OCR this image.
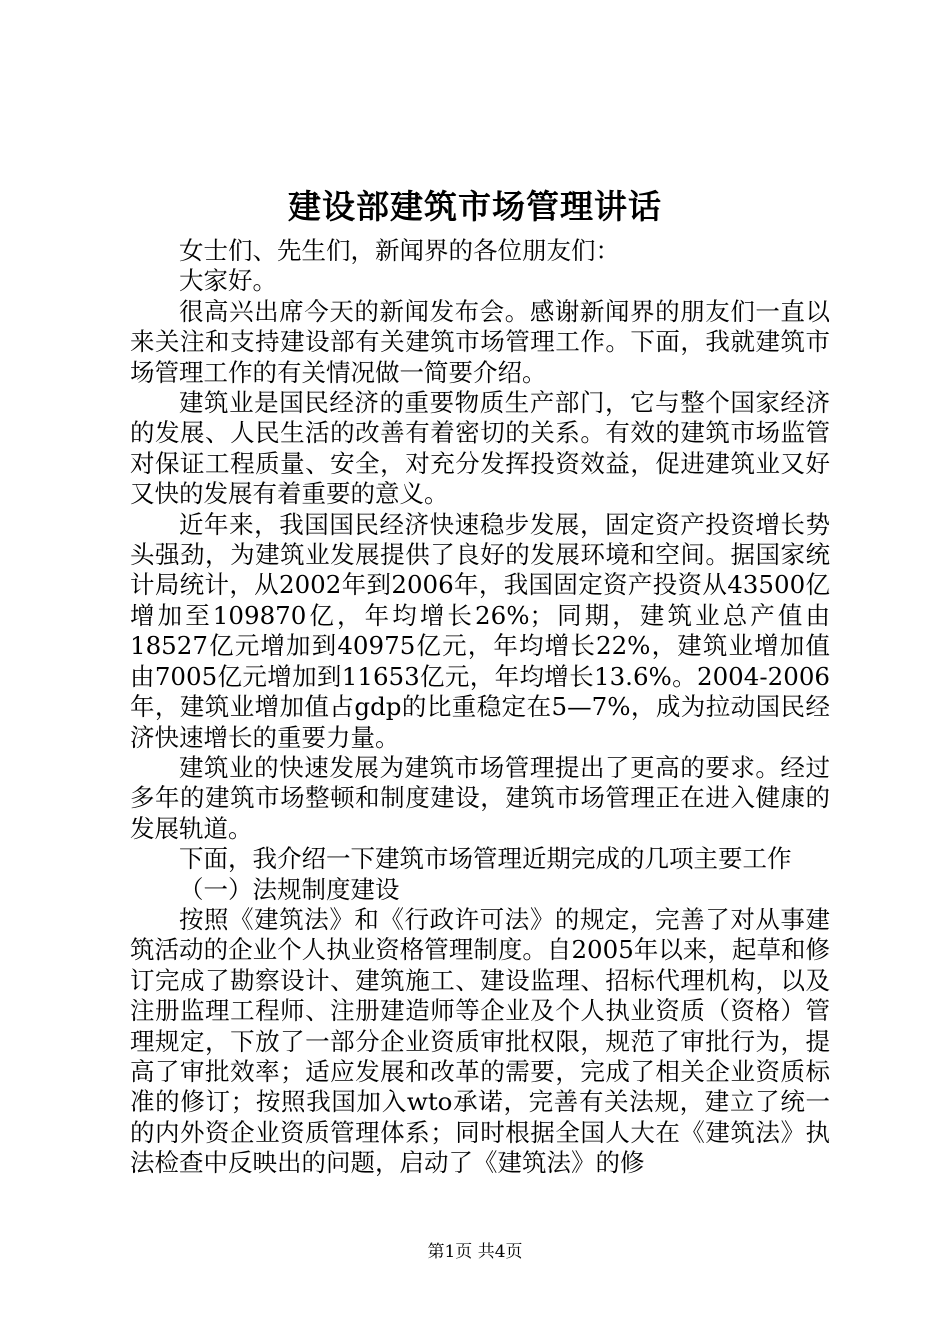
建设部建筑市场管理讲话

女士们、先生们，新闻界的各位朋友们：

大家好。

很高兴出席今天的新闻发布会。感谢新闻界的朋友们一直以来关注和支持建设部有关建筑市场管理工作。下面，我就建筑市场管理工作的有关情况做一简要介绍。

建筑业是国民经济的重要物质生产部门，它与整个国家经济的发展、人民生活的改善有着密切的关系。有效的建筑市场监管对保证工程质量、安全，对充分发挥投资效益，促进建筑业又好又快的发展有着重要的意义。

近年来，我国国民经济快速稳步发展，固定资产投资增长势头强劲，为建筑业发展提供了良好的发展环境和空间。据国家统计局统计，从2002年到2006年，我国固定资产投资从43500亿增加至109870亿，年均增长26%；同期，建筑业总产值由18527亿元增加到40975亿元，年均增长22%，建筑业增加值由7005亿元增加到11653亿元，年均增长13.6%。2004-2006年，建筑业增加值占gdp的比重稳定在5—7%，成为拉动国民经济快速增长的重要力量。

建筑业的快速发展为建筑市场管理提出了更高的要求。经过多年的建筑市场整顿和制度建设，建筑市场管理正在进入健康的发展轨道。

下面，我介绍一下建筑市场管理近期完成的几项主要工作

（一）法规制度建设

按照《建筑法》和《行政许可法》的规定，完善了对从事建筑活动的企业个人执业资格管理制度。自2005年以来，起草和修订完成了勘察设计、建筑施工、建设监理、招标代理机构，以及注册监理工程师、注册建造师等企业及个人执业资质（资格）管理规定，下放了一部分企业资质审批权限，规范了审批行为，提高了审批效率；适应发展和改革的需要，完成了相关企业资质标准的修订；按照我国加入wto承诺，完善有关法规，建立了统一的内外资企业资质管理体系；同时根据全国人大在《建筑法》执法检查中反映出的问题，启动了《建筑法》的修

第1页 共4页
